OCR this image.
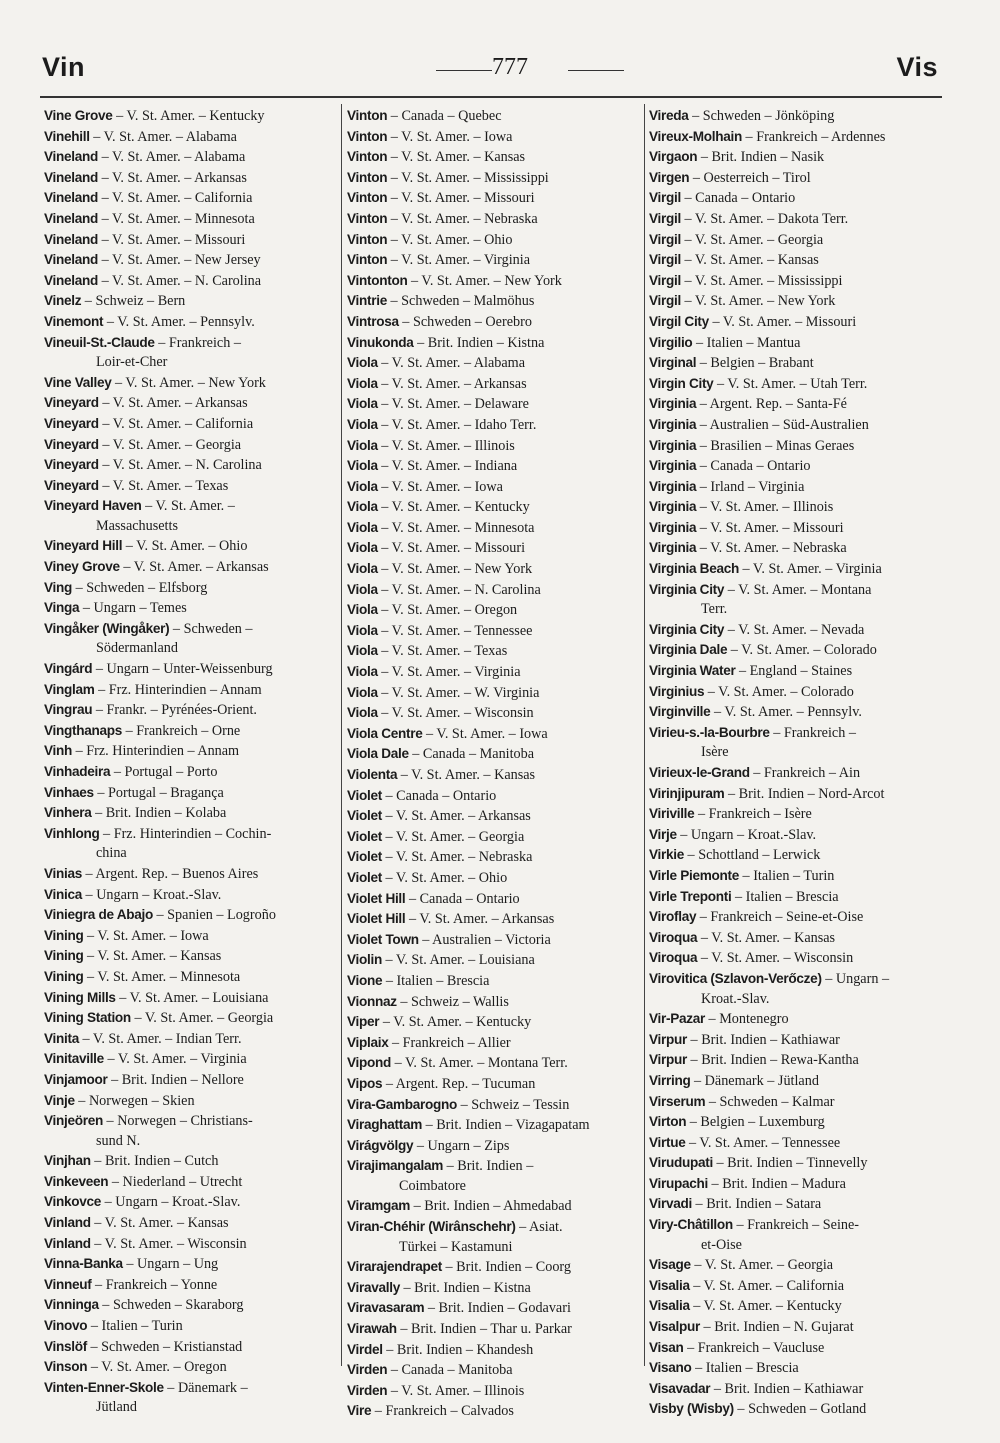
Vin	777	Vis
Vine Grove – V. St. Amer. – Kentucky
Vinehill – V. St. Amer. – Alabama
Vineland – V. St. Amer. – Alabama
Vineland – V. St. Amer. – Arkansas
Vineland – V. St. Amer. – California
Vineland – V. St. Amer. – Minnesota
Vineland – V. St. Amer. – Missouri
Vineland – V. St. Amer. – New Jersey
Vineland – V. St. Amer. – N. Carolina
Vinelz – Schweiz – Bern
Vinemont – V. St. Amer. – Pennsylv.
Vineuil-St.-Claude – Frankreich –
Loir-et-Cher
Vine Valley – V. St. Amer. – New York
Vineyard – V. St. Amer. – Arkansas
Vineyard – V. St. Amer. – California
Vineyard – V. St. Amer. – Georgia
Vineyard – V. St. Amer. – N. Carolina
Vineyard – V. St. Amer. – Texas
Vineyard Haven – V. St. Amer. –
Massachusetts
Vineyard Hill – V. St. Amer. – Ohio
Viney Grove – V. St. Amer. – Arkansas
Ving – Schweden – Elfsborg
Vinga – Ungarn – Temes
Vingåker (Wingåker) – Schweden –
Södermanland
Vingárd – Ungarn – Unter-Weissenburg
Vinglam – Frz. Hinterindien – Annam
Vingrau – Frankr. – Pyrénées-Orient.
Vingthanaps – Frankreich – Orne
Vinh – Frz. Hinterindien – Annam
Vinhadeira – Portugal – Porto
Vinhaes – Portugal – Bragança
Vinhera – Brit. Indien – Kolaba
Vinhlong – Frz. Hinterindien – Cochin-
china
Vinias – Argent. Rep. – Buenos Aires
Vinica – Ungarn – Kroat.-Slav.
Viniegra de Abajo – Spanien – Logroño
Vining – V. St. Amer. – Iowa
Vining – V. St. Amer. – Kansas
Vining – V. St. Amer. – Minnesota
Vining Mills – V. St. Amer. – Louisiana
Vining Station – V. St. Amer. – Georgia
Vinita – V. St. Amer. – Indian Terr.
Vinitaville – V. St. Amer. – Virginia
Vinjamoor – Brit. Indien – Nellore
Vinje – Norwegen – Skien
Vinjeören – Norwegen – Christians-
sund N.
Vinjhan – Brit. Indien – Cutch
Vinkeveen – Niederland – Utrecht
Vinkovce – Ungarn – Kroat.-Slav.
Vinland – V. St. Amer. – Kansas
Vinland – V. St. Amer. – Wisconsin
Vinna-Banka – Ungarn – Ung
Vinneuf – Frankreich – Yonne
Vinninga – Schweden – Skaraborg
Vinovo – Italien – Turin
Vinslöf – Schweden – Kristianstad
Vinson – V. St. Amer. – Oregon
Vinten-Enner-Skole – Dänemark –
Jütland
Vinton – Canada – Quebec
Vinton – V. St. Amer. – Iowa
Vinton – V. St. Amer. – Kansas
Vinton – V. St. Amer. – Mississippi
Vinton – V. St. Amer. – Missouri
Vinton – V. St. Amer. – Nebraska
Vinton – V. St. Amer. – Ohio
Vinton – V. St. Amer. – Virginia
Vintonton – V. St. Amer. – New York
Vintrie – Schweden – Malmöhus
Vintrosa – Schweden – Oerebro
Vinukonda – Brit. Indien – Kistna
Viola – V. St. Amer. – Alabama
Viola – V. St. Amer. – Arkansas
Viola – V. St. Amer. – Delaware
Viola – V. St. Amer. – Idaho Terr.
Viola – V. St. Amer. – Illinois
Viola – V. St. Amer. – Indiana
Viola – V. St. Amer. – Iowa
Viola – V. St. Amer. – Kentucky
Viola – V. St. Amer. – Minnesota
Viola – V. St. Amer. – Missouri
Viola – V. St. Amer. – New York
Viola – V. St. Amer. – N. Carolina
Viola – V. St. Amer. – Oregon
Viola – V. St. Amer. – Tennessee
Viola – V. St. Amer. – Texas
Viola – V. St. Amer. – Virginia
Viola – V. St. Amer. – W. Virginia
Viola – V. St. Amer. – Wisconsin
Viola Centre – V. St. Amer. – Iowa
Viola Dale – Canada – Manitoba
Violenta – V. St. Amer. – Kansas
Violet – Canada – Ontario
Violet – V. St. Amer. – Arkansas
Violet – V. St. Amer. – Georgia
Violet – V. St. Amer. – Nebraska
Violet – V. St. Amer. – Ohio
Violet Hill – Canada – Ontario
Violet Hill – V. St. Amer. – Arkansas
Violet Town – Australien – Victoria
Violin – V. St. Amer. – Louisiana
Vione – Italien – Brescia
Vionnaz – Schweiz – Wallis
Viper – V. St. Amer. – Kentucky
Viplaix – Frankreich – Allier
Vipond – V. St. Amer. – Montana Terr.
Vipos – Argent. Rep. – Tucuman
Vira-Gambarogno – Schweiz – Tessin
Viraghattam – Brit. Indien – Vizagapatam
Virágvölgy – Ungarn – Zips
Virajimangalam – Brit. Indien –
Coimbatore
Viramgam – Brit. Indien – Ahmedabad
Viran-Chéhir (Wirânschehr) – Asiat.
Türkei – Kastamuni
Virarajendrapet – Brit. Indien – Coorg
Viravally – Brit. Indien – Kistna
Viravasaram – Brit. Indien – Godavari
Virawah – Brit. Indien – Thar u. Parkar
Virdel – Brit. Indien – Khandesh
Virden – Canada – Manitoba
Virden – V. St. Amer. – Illinois
Vire – Frankreich – Calvados
Vireda – Schweden – Jönköping
Vireux-Molhain – Frankreich – Ardennes
Virgaon – Brit. Indien – Nasik
Virgen – Oesterreich – Tirol
Virgil – Canada – Ontario
Virgil – V. St. Amer. – Dakota Terr.
Virgil – V. St. Amer. – Georgia
Virgil – V. St. Amer. – Kansas
Virgil – V. St. Amer. – Mississippi
Virgil – V. St. Amer. – New York
Virgil City – V. St. Amer. – Missouri
Virgilio – Italien – Mantua
Virginal – Belgien – Brabant
Virgin City – V. St. Amer. – Utah Terr.
Virginia – Argent. Rep. – Santa-Fé
Virginia – Australien – Süd-Australien
Virginia – Brasilien – Minas Geraes
Virginia – Canada – Ontario
Virginia – Irland – Virginia
Virginia – V. St. Amer. – Illinois
Virginia – V. St. Amer. – Missouri
Virginia – V. St. Amer. – Nebraska
Virginia Beach – V. St. Amer. – Virginia
Virginia City – V. St. Amer. – Montana
Terr.
Virginia City – V. St. Amer. – Nevada
Virginia Dale – V. St. Amer. – Colorado
Virginia Water – England – Staines
Virginius – V. St. Amer. – Colorado
Virginville – V. St. Amer. – Pennsylv.
Virieu-s.-la-Bourbre – Frankreich –
Isère
Virieux-le-Grand – Frankreich – Ain
Virinjipuram – Brit. Indien – Nord-Arcot
Viriville – Frankreich – Isère
Virje – Ungarn – Kroat.-Slav.
Virkie – Schottland – Lerwick
Virle Piemonte – Italien – Turin
Virle Treponti – Italien – Brescia
Viroflay – Frankreich – Seine-et-Oise
Viroqua – V. St. Amer. – Kansas
Viroqua – V. St. Amer. – Wisconsin
Virovitica (Szlavon-Verőcze) – Ungarn –
Kroat.-Slav.
Vir-Pazar – Montenegro
Virpur – Brit. Indien – Kathiawar
Virpur – Brit. Indien – Rewa-Kantha
Virring – Dänemark – Jütland
Virserum – Schweden – Kalmar
Virton – Belgien – Luxemburg
Virtue – V. St. Amer. – Tennessee
Virudupati – Brit. Indien – Tinnevelly
Virupachi – Brit. Indien – Madura
Virvadi – Brit. Indien – Satara
Viry-Châtillon – Frankreich – Seine-
et-Oise
Visage – V. St. Amer. – Georgia
Visalia – V. St. Amer. – California
Visalia – V. St. Amer. – Kentucky
Visalpur – Brit. Indien – N. Gujarat
Visan – Frankreich – Vaucluse
Visano – Italien – Brescia
Visavadar – Brit. Indien – Kathiawar
Visby (Wisby) – Schweden – Gotland
